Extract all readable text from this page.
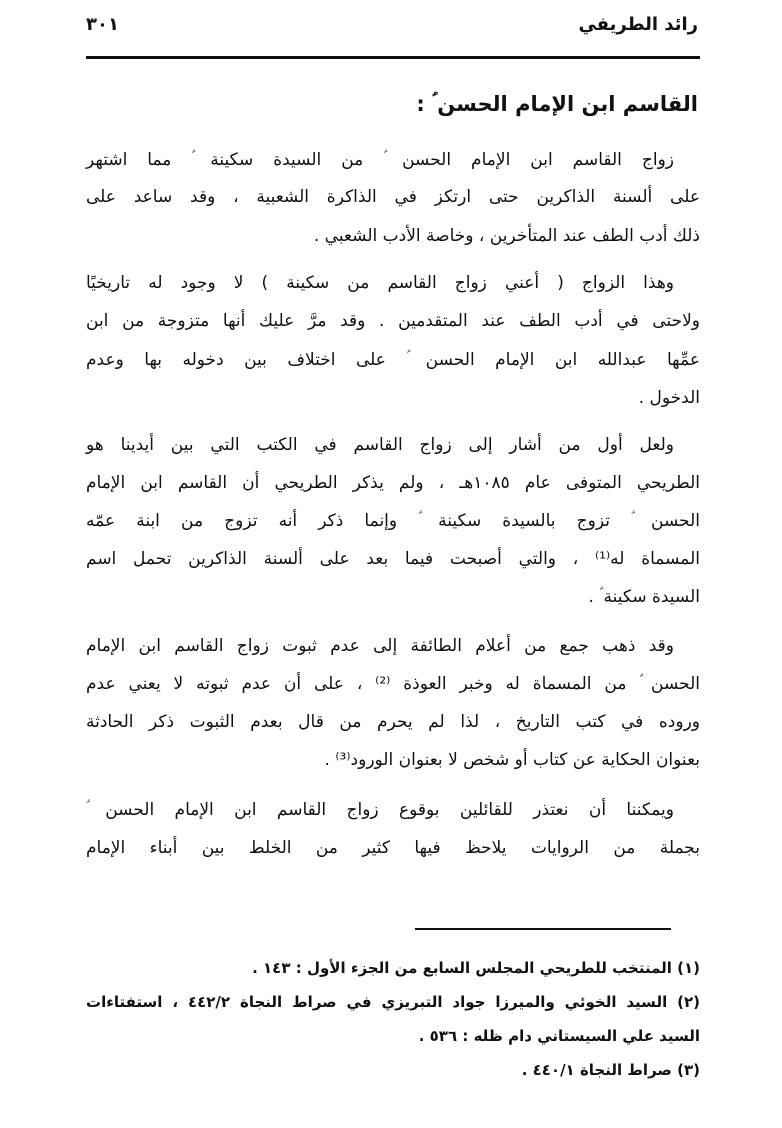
٣٠١	رائد الطريفي
القاسم ابن الإمام الحسن ؑ :
زواج القاسم ابن الإمام الحسن ؑ من السيدة سكينة ؑ مما اشتهر
على ألسنة الذاكرين حتى ارتكز في الذاكرة الشعبية ، وقد ساعد على
ذلك أدب الطف عند المتأخرين ، وخاصة الأدب الشعبي .
وهذا الزواج ( أعني زواج القاسم من سكينة ) لا وجود له تاريخيًا
ولاحتى في أدب الطف عند المتقدمين . وقد مرَّ عليك أنها متزوجة من ابن
عمِّها عبدالله ابن الإمام الحسن ؑ على اختلاف بين دخوله بها وعدم
الدخول .
ولعل أول من أشار إلى زواج القاسم في الكتب التي بين أيدينا هو
الطريحي المتوفى عام ١٠٨٥هـ ، ولم يذكر الطريحي أن القاسم ابن الإمام
الحسن ؑ تزوج بالسيدة سكينة ؑ وإنما ذكر أنه تزوج من ابنة عمّه
المسماة له⁽¹⁾ ، والتي أصبحت فيما بعد على ألسنة الذاكرين تحمل اسم
السيدة سكينة ؑ .
وقد ذهب جمع من أعلام الطائفة إلى عدم ثبوت زواج القاسم ابن الإمام
الحسن ؑ من المسماة له وخبر العوذة ⁽²⁾ ، على أن عدم ثبوته لا يعني عدم
وروده في كتب التاريخ ، لذا لم يحرم من قال بعدم الثبوت ذكر الحادثة
بعنوان الحكاية عن كتاب أو شخص لا بعنوان الورود⁽³⁾ .
ويمكننا أن نعتذر للقائلين بوقوع زواج القاسم ابن الإمام الحسن ؑ
بجملة من الروايات يلاحظ فيها كثير من الخلط بين أبناء الإمام
(١) المنتخب للطريحي المجلس السابع من الجزء الأول : ١٤٣ .
(٢) السيد الخوئي والميرزا جواد التبريزي في صراط النجاة ٤٤٢/٢ ، استفتاءات
السيد علي السيستاني دام ظله : ٥٣٦ .
(٣) صراط النجاة ٤٤٠/١ .
